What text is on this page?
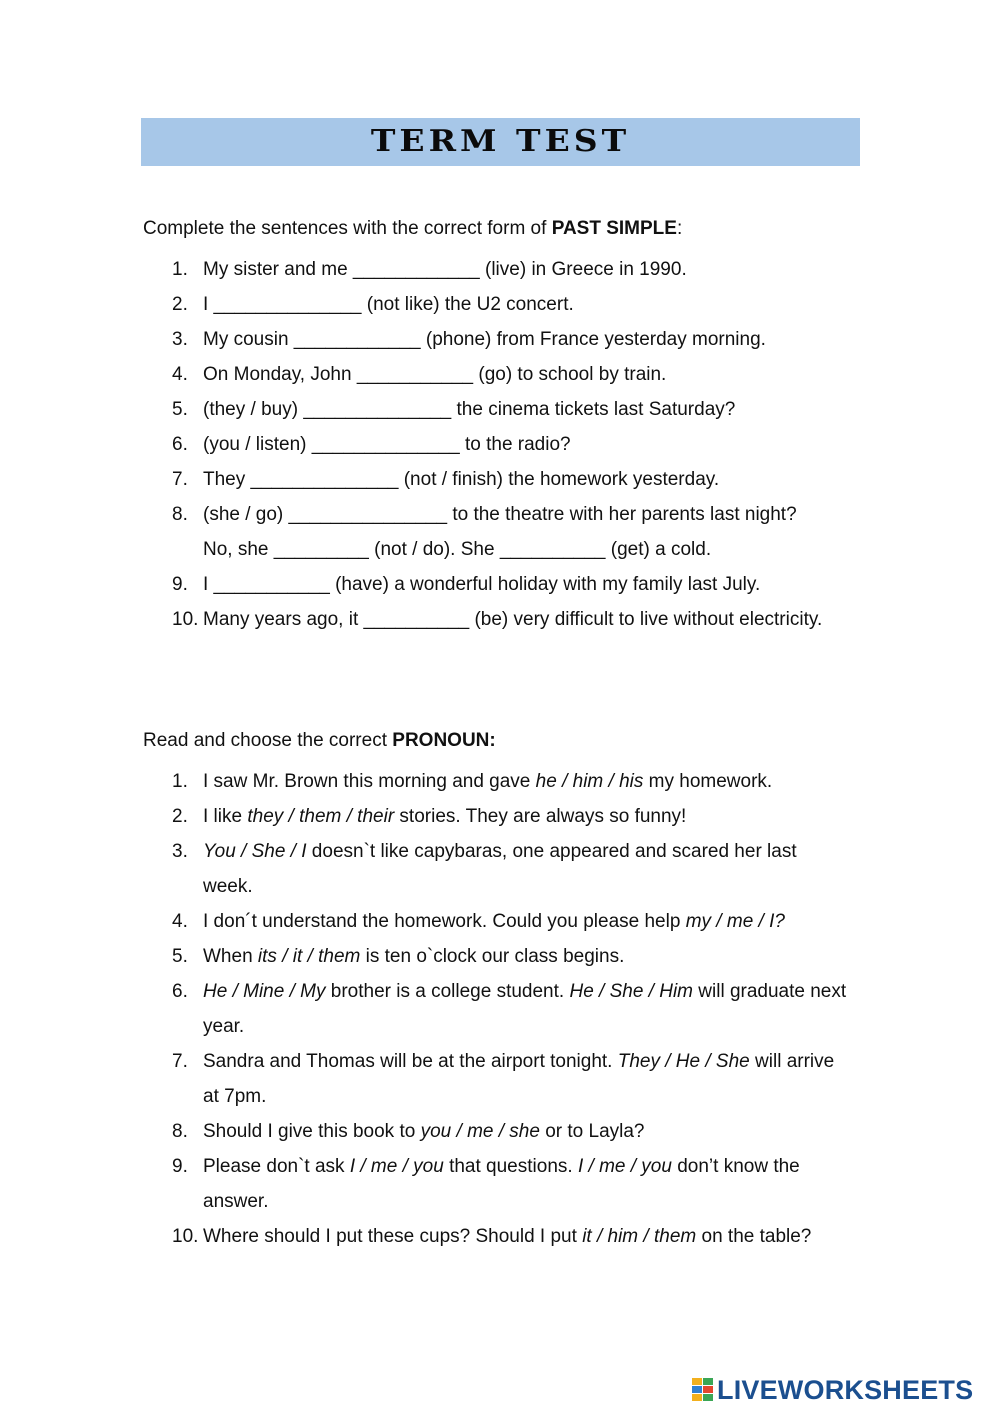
TERM TEST
Complete the sentences with the correct form of PAST SIMPLE:
1. My sister and me ____________ (live) in Greece in 1990.
2. I ______________ (not like) the U2 concert.
3. My cousin ____________ (phone) from France yesterday morning.
4. On Monday, John ___________ (go) to school by train.
5. (they / buy) ______________ the cinema tickets last Saturday?
6. (you / listen) ______________ to the radio?
7. They ______________ (not / finish) the homework yesterday.
8. (she / go) _______________ to the theatre with her parents last night?
No, she _________ (not / do). She __________ (get) a cold.
9. I ___________ (have) a wonderful holiday with my family last July.
10. Many years ago, it __________ (be) very difficult to live without electricity.
Read and choose the correct PRONOUN:
1. I saw Mr. Brown this morning and gave he / him / his my homework.
2. I like they / them / their stories. They are always so funny!
3. You / She / I doesn`t like capybaras, one appeared and scared her last week.
4. I don´t understand the homework. Could you please help my / me / I?
5. When its / it / them is ten o`clock our class begins.
6. He / Mine / My brother is a college student. He / She / Him will graduate next year.
7. Sandra and Thomas will be at the airport tonight. They / He / She will arrive at 7pm.
8. Should I give this book to you / me / she or to Layla?
9. Please don`t ask I / me / you that questions. I / me / you don’t know the answer.
10. Where should I put these cups? Should I put it / him / them on the table?
LIVEWORKSHEETS
